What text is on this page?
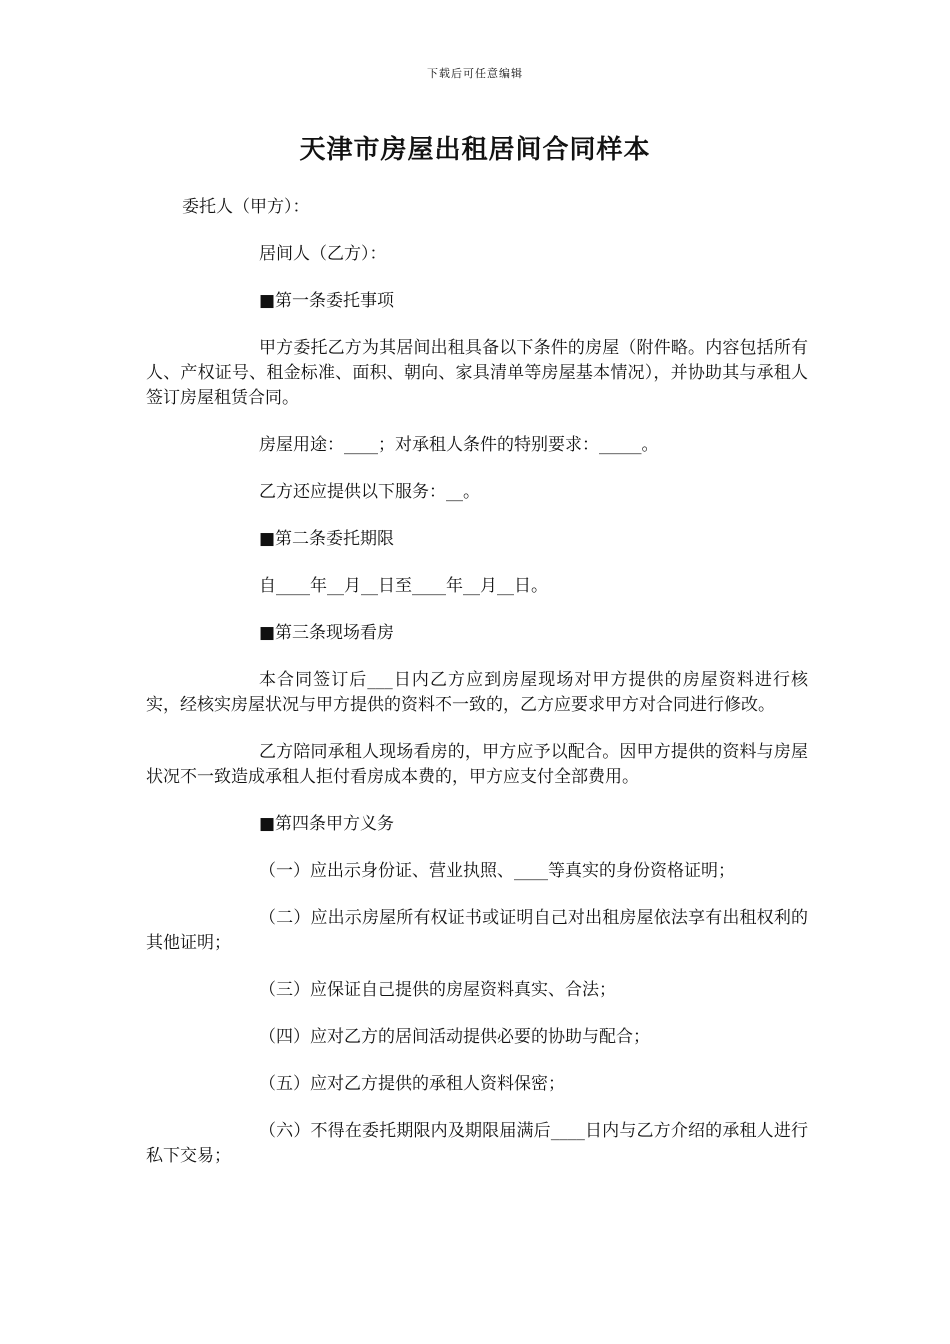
下载后可任意编辑
天津市房屋出租居间合同样本

委托人（甲方）：

居间人（乙方）：

■第一条委托事项

甲方委托乙方为其居间出租具备以下条件的房屋（附件略。内容包括所有人、产权证号、租金标准、面积、朝向、家具清单等房屋基本情况），并协助其与承租人签订房屋租赁合同。

房屋用途：____；对承租人条件的特别要求：_____。

乙方还应提供以下服务：__。

■第二条委托期限

自____年__月__日至____年__月__日。

■第三条现场看房

本合同签订后___日内乙方应到房屋现场对甲方提供的房屋资料进行核实，经核实房屋状况与甲方提供的资料不一致的，乙方应要求甲方对合同进行修改。

乙方陪同承租人现场看房的，甲方应予以配合。因甲方提供的资料与房屋状况不一致造成承租人拒付看房成本费的，甲方应支付全部费用。

■第四条甲方义务

（一）应出示身份证、营业执照、____等真实的身份资格证明；

（二）应出示房屋所有权证书或证明自己对出租房屋依法享有出租权利的其他证明；

（三）应保证自己提供的房屋资料真实、合法；

（四）应对乙方的居间活动提供必要的协助与配合；

（五）应对乙方提供的承租人资料保密；

（六）不得在委托期限内及期限届满后____日内与乙方介绍的承租人进行私下交易；
